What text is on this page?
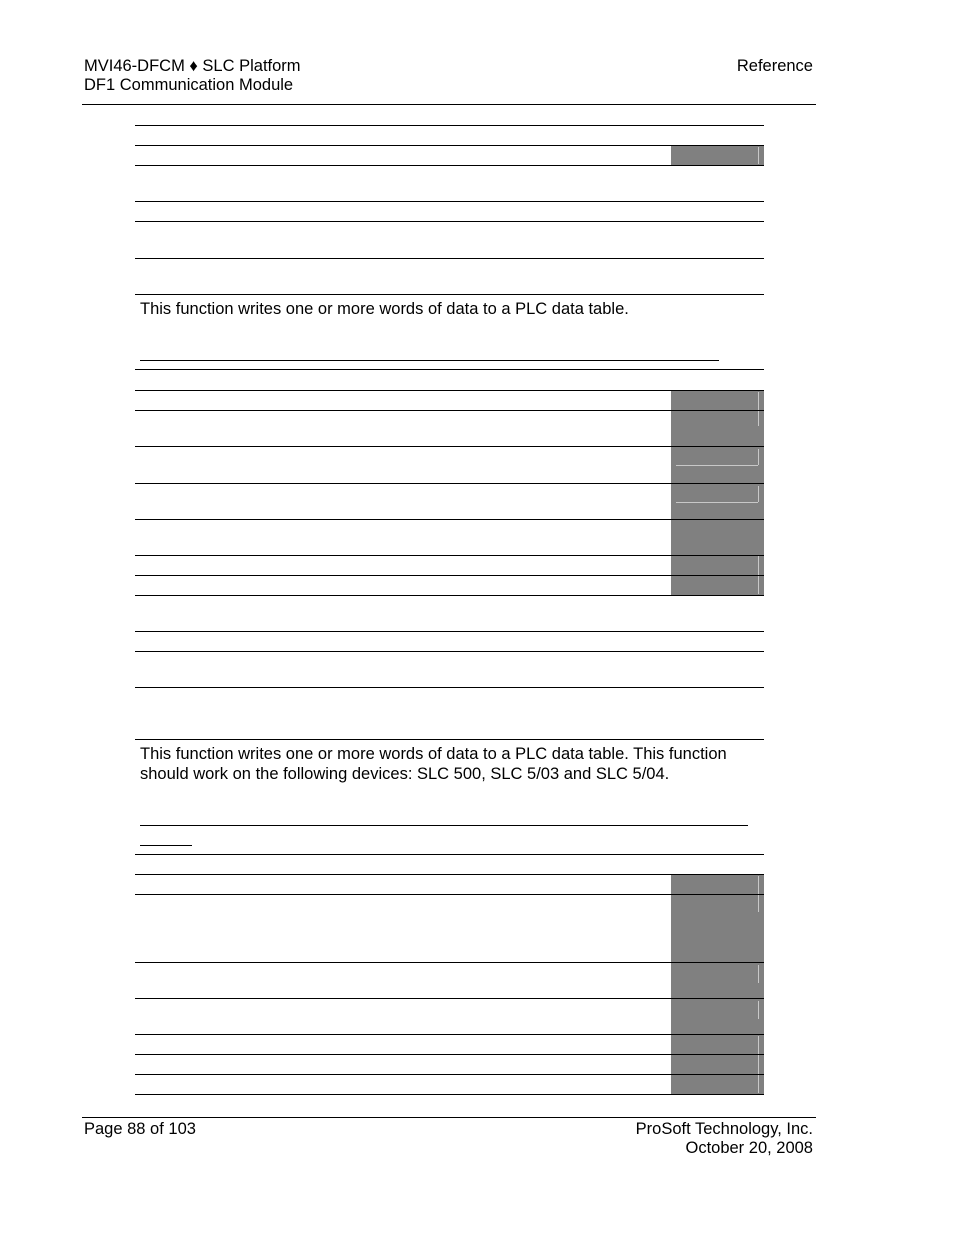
MVI46-DFCM ♦ SLC Platform
DF1 Communication Module
Reference
This function writes one or more words of data to a PLC data table.
This function writes one or more words of data to a PLC data table. This function should work on the following devices: SLC 500, SLC 5/03 and SLC 5/04.
Page 88 of 103	ProSoft Technology, Inc.
October 20, 2008
